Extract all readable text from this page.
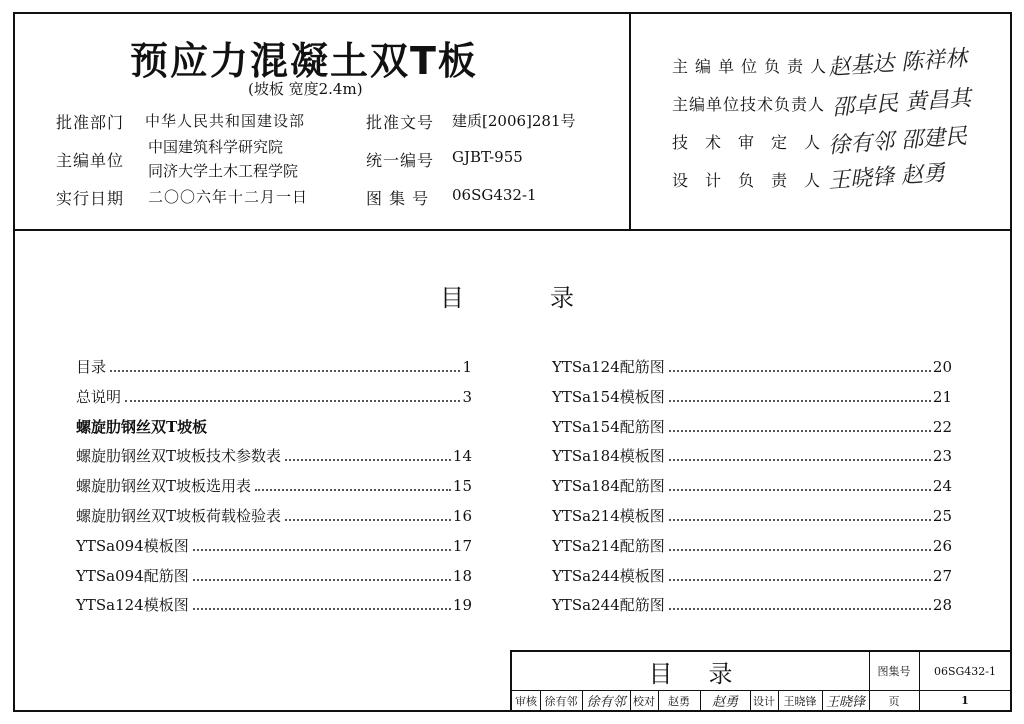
预应力混凝土双T板
(坡板 宽度2.4m)
批准部门 中华人民共和国建设部
主编单位
中国建筑科学研究院
同济大学土木工程学院
实行日期 二〇〇六年十二月一日
批准文号 建质[2006]281号
统一编号 GJBT-955
图 集 号 06SG432-1
主编单位负责人
赵基达 陈祥林
主编单位技术负责人 邵卓民 黄昌其
技术审定人
徐有邻 邵建民
设计负责人
王晓锋 赵勇
目	录
目录	1
总说明	3
螺旋肋钢丝双T坡板
螺旋肋钢丝双T坡板技术参数表	14
螺旋肋钢丝双T坡板选用表	15
螺旋肋钢丝双T坡板荷载检验表	16
YTSa094模板图	17
YTSa094配筋图	18
YTSa124模板图	19
YTSa124配筋图	20
YTSa154模板图	21
YTSa154配筋图	22
YTSa184模板图	23
YTSa184配筋图	24
YTSa214模板图	25
YTSa214配筋图	26
YTSa244模板图	27
YTSa244配筋图	28
目录	图集号	06SG432-1
审核 徐有邻 徐有邻 校对	赵勇	赵勇	设计 王晓锋 王晓锋	页	1
